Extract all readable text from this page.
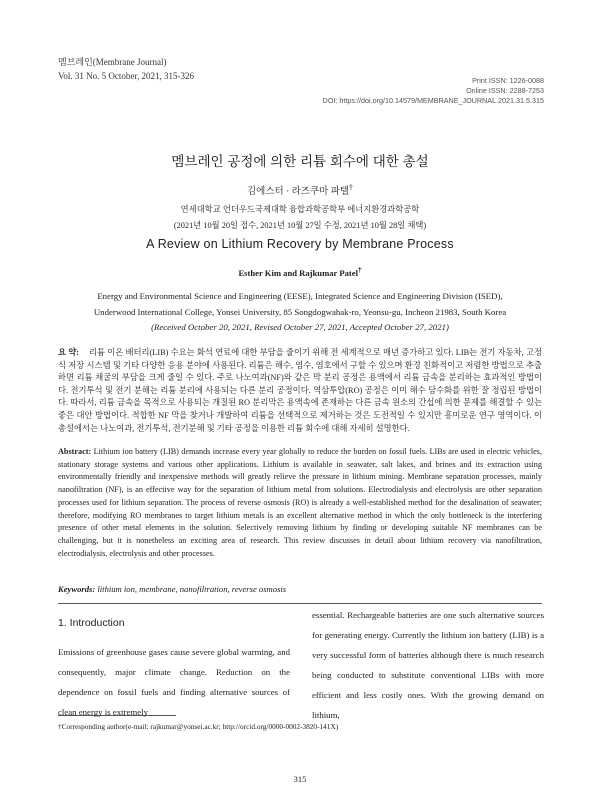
멤브레인(Membrane Journal)
Vol. 31 No. 5 October, 2021, 315-326	Print ISSN: 1226-0088
Online ISSN: 2288-7253
DOI: https://doi.org/10.14579/MEMBRANE_JOURNAL.2021.31.5.315
멤브레인 공정에 의한 리튬 회수에 대한 총설
김에스터 · 라즈쿠마 파텔†
연세대학교 언더우드국제대학 융합과학공학부 에너지환경과학공학
(2021년 10월 20일 접수, 2021년 10월 27일 수정, 2021년 10월 28일 채택)
A Review on Lithium Recovery by Membrane Process
Esther Kim and Rajkumar Patel†
Energy and Environmental Science and Engineering (EESE), Integrated Science and Engineering Division (ISED),
Underwood International College, Yonsei University, 85 Songdogwahak-ro, Yeonsu-gu, Incheon 21983, South Korea
(Received October 20, 2021, Revised October 27, 2021, Accepted October 27, 2021)

요 약: 리튬 이온 배터리(LIB) 수요는 화석 연료에 대한 부담을 줄이기 위해 전 세계적으로 매년 증가하고 있다. LIB는 전기 자동차, 고정식 저장 시스템 및 기타 다양한 응용 분야에 사용된다. 리튬은 해수, 염수, 염호에서 구할 수 있으며 환경 친화적이고 저렴한 방법으로 추출하면 리튬 채굴의 부담을 크게 줄일 수 있다. 주로 나노여과(NF)와 같은 막 분리 공정은 용액에서 리튬 금속을 분리하는 효과적인 방법이다. 전기투석 및 전기 분해는 리튬 분리에 사용되는 다른 분리 공정이다. 역삼투압(RO) 공정은 이미 해수 담수화를 위한 잘 정립된 방법이다. 따라서, 리튬 금속을 목적으로 사용되는 개질된 RO 분리막은 용액속에 존재하는 다른 금속 원소의 간섭에 의한 문제를 해결할 수 있는 좋은 대안 방법이다. 적합한 NF 막을 찾거나 개발하여 리튬을 선택적으로 제거하는 것은 도전적일 수 있지만 흥미로운 연구 영역이다. 이 총설에서는 나노여과, 전기투석, 전기분해 및 기타 공정을 이용한 리튬 회수에 대해 자세히 설명한다.

Abstract: Lithium ion battery (LIB) demands increase every year globally to reduce the burden on fossil fuels. LIBs are used in electric vehicles, stationary storage systems and various other applications. Lithium is available in seawater, salt lakes, and brines and its extraction using environmentally friendly and inexpensive methods will greatly relieve the pressure in lithium mining. Membrane separation processes, mainly nanofiltration (NF), is an effective way for the separation of lithium metal from solutions. Electrodialysis and electrolysis are other separation processes used for lithium separation. The process of reverse osmosis (RO) is already a well-established method for the desalination of seawater; therefore, modifying RO membranes to target lithium metals is an excellent alternative method in which the only bottleneck is the interfering presence of other metal elements in the solution. Selectively removing lithium by finding or developing suitable NF membranes can be challenging, but it is nonetheless an exciting area of research. This review discusses in detail about lithium recovery via nanofiltration, electrodialysis, electrolysis and other processes.

Keywords: lithium ion, membrane, nanofiltration, reverse osmosis
1. Introduction

Emissions of greenhouse gases cause severe global warming, and consequently, major climate change. Reduction on the dependence on fossil fuels and finding alternative sources of clean energy is extremely

essential. Rechargeable batteries are one such alternative sources for generating energy. Currently the lithium ion battery (LIB) is a very successful form of batteries although there is much research being conducted to substitute conventional LIBs with more efficient and less costly ones. With the growing demand on lithium,

†Corresponding author(e-mail: rajkumar@yonsei.ac.kr; http://orcid.org/0000-0002-3820-141X)
315
